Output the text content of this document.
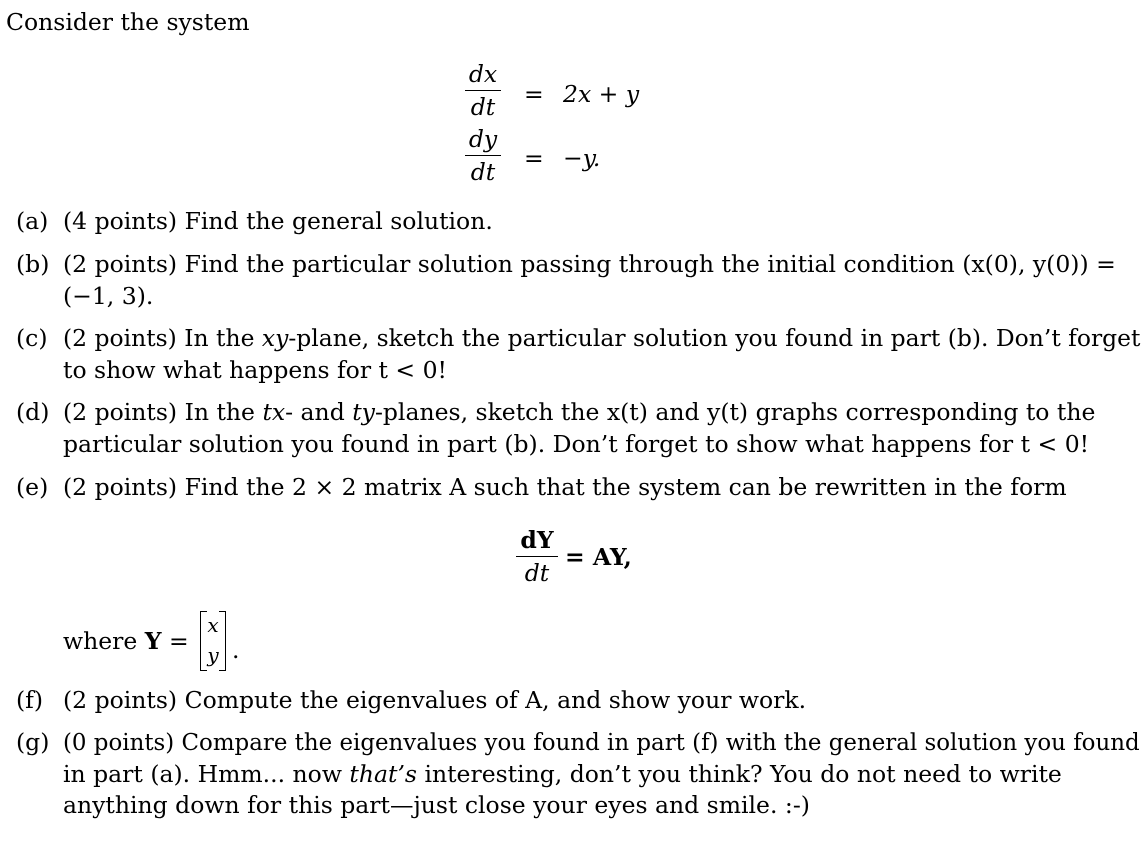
Consider the system
dx
dt = 2x + y
dy
dt = −y.
(a) (4 points) Find the general solution.
(b) (2 points) Find the particular solution passing through the initial condition (x(0), y(0)) =
(−1, 3).
(c) (2 points) In the xy-plane, sketch the particular solution you found in part (b). Don’t forget
to show what happens for t < 0!
(d) (2 points) In the tx- and ty-planes, sketch the x(t) and y(t) graphs corresponding to the
particular solution you found in part (b). Don’t forget to show what happens for t < 0!
(e) (2 points) Find the 2 × 2 matrix A such that the system can be rewritten in the form
dY
dt
= AY,
where Y =
x
y .
(f) (2 points) Compute the eigenvalues of A, and show your work.
(g) (0 points) Compare the eigenvalues you found in part (f) with the general solution you found
in part (a). Hmm... now that’s interesting, don’t you think? You do not need to write
anything down for this part—just close your eyes and smile. :-)
